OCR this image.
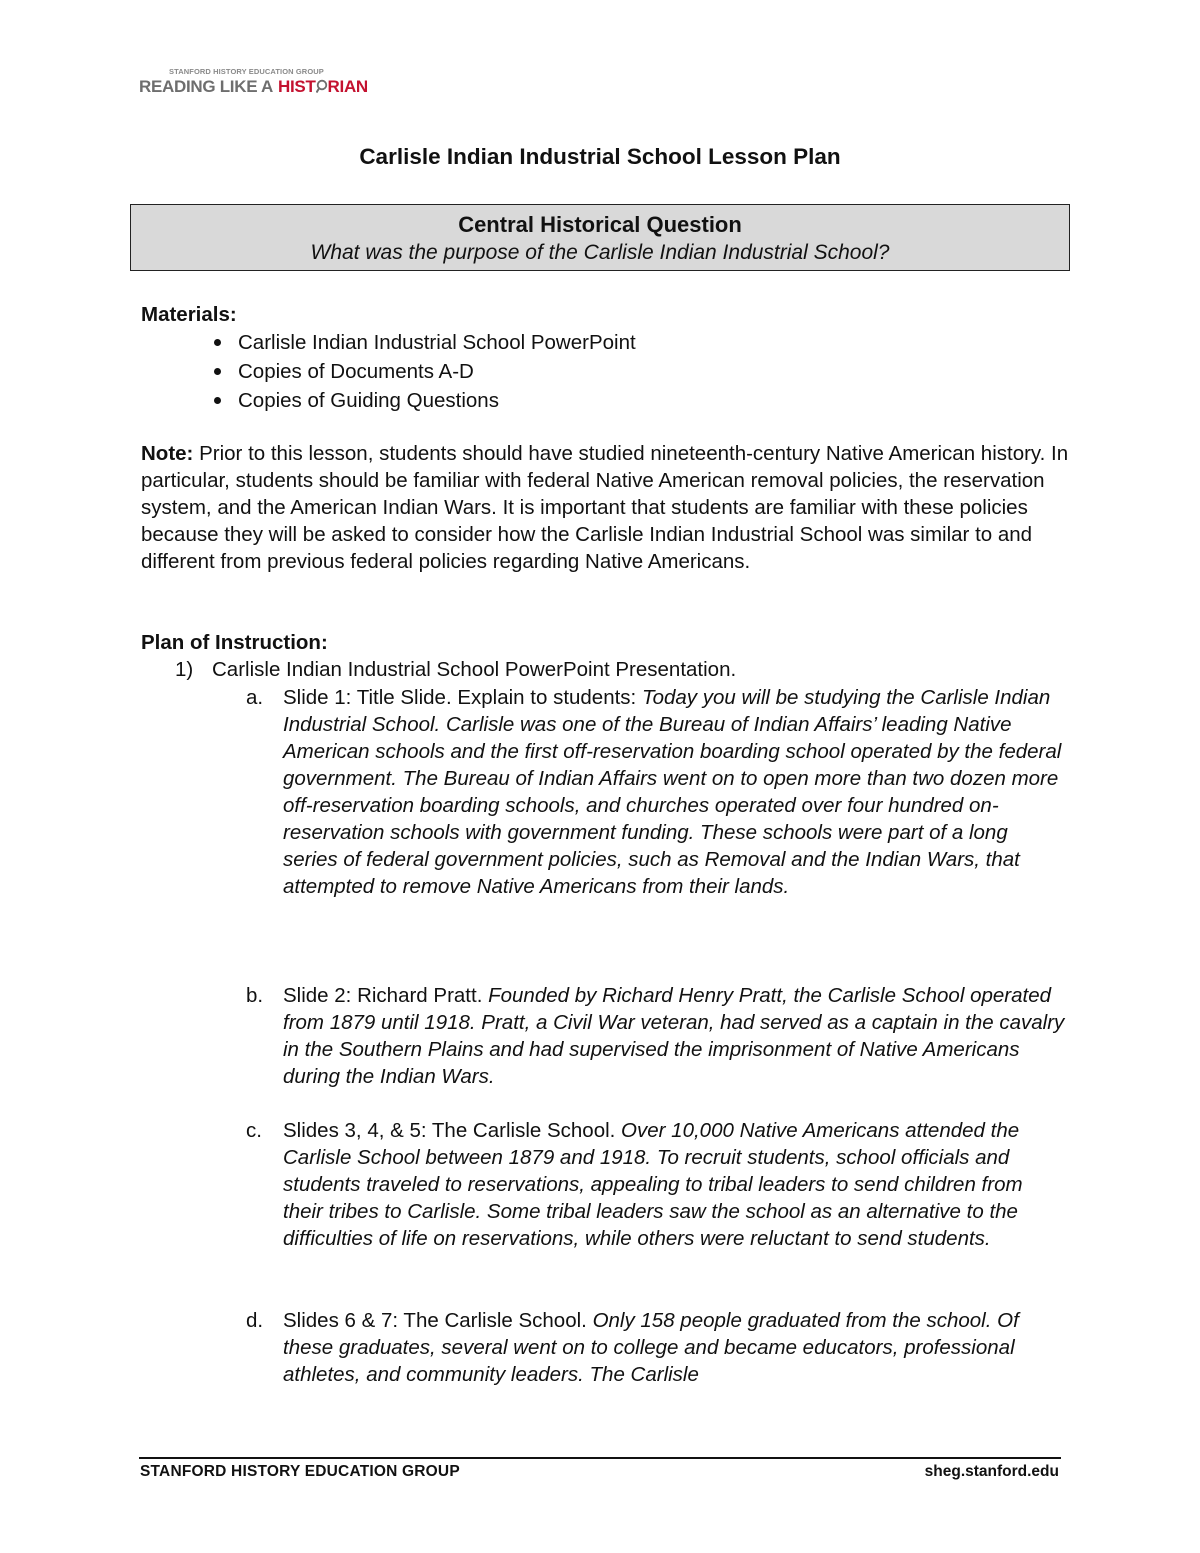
STANFORD HISTORY EDUCATION GROUP
READING LIKE A HIST RIAN
Carlisle Indian Industrial School Lesson Plan
Central Historical Question
What was the purpose of the Carlisle Indian Industrial School?
Materials:
Carlisle Indian Industrial School PowerPoint
Copies of Documents A-D
Copies of Guiding Questions
Note: Prior to this lesson, students should have studied nineteenth-century Native American history. In particular, students should be familiar with federal Native American removal policies, the reservation system, and the American Indian Wars. It is important that students are familiar with these policies because they will be asked to consider how the Carlisle Indian Industrial School was similar to and different from previous federal policies regarding Native Americans.
Plan of Instruction:
1) Carlisle Indian Industrial School PowerPoint Presentation.
a. Slide 1: Title Slide. Explain to students: Today you will be studying the Carlisle Indian Industrial School. Carlisle was one of the Bureau of Indian Affairs’ leading Native American schools and the first off-reservation boarding school operated by the federal government. The Bureau of Indian Affairs went on to open more than two dozen more off-reservation boarding schools, and churches operated over four hundred on-reservation schools with government funding. These schools were part of a long series of federal government policies, such as Removal and the Indian Wars, that attempted to remove Native Americans from their lands.
b. Slide 2: Richard Pratt. Founded by Richard Henry Pratt, the Carlisle School operated from 1879 until 1918. Pratt, a Civil War veteran, had served as a captain in the cavalry in the Southern Plains and had supervised the imprisonment of Native Americans during the Indian Wars.
c.	Slides 3, 4, & 5: The Carlisle School. Over 10,000 Native Americans attended the Carlisle School between 1879 and 1918. To recruit students, school officials and students traveled to reservations, appealing to tribal leaders to send children from their tribes to Carlisle. Some tribal leaders saw the school as an alternative to the difficulties of life on reservations, while others were reluctant to send students.
d. Slides 6 & 7: The Carlisle School. Only 158 people graduated from the school. Of these graduates, several went on to college and became educators, professional athletes, and community leaders. The Carlisle
STANFORD HISTORY EDUCATION GROUP	sheg.stanford.edu
